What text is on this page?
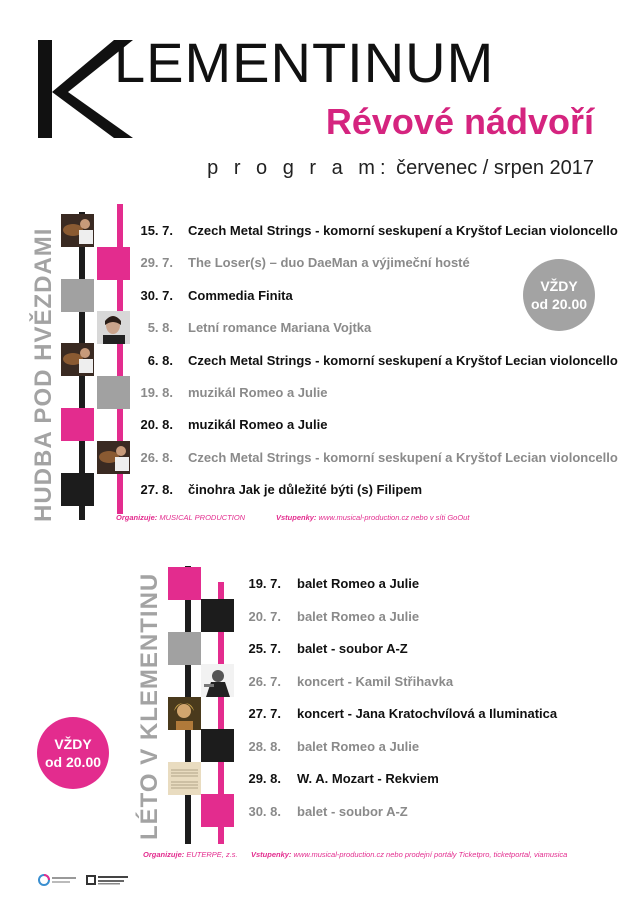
LEMENTINUM
Révové nádvoří
p r o g r a m: červenec / srpen 2017
HUDBA POD HVĚZDAMI	15. 7. Czech Metal Strings - komorní seskupení a Kryštof Lecian violoncello
29. 7. The Loser(s) – duo DaeMan a výjimeční hosté
30. 7. Commedia Finita
5. 8. Letní romance Mariana Vojtka
6. 8. Czech Metal Strings - komorní seskupení a Kryštof Lecian violoncello
19. 8. muzikál Romeo a Julie
20. 8. muzikál Romeo a Julie
26. 8. Czech Metal Strings - komorní seskupení a Kryštof Lecian violoncello
27. 8. činohra Jak je důležité býti (s) Filipem
VŽDY
od 20.00
Organizuje: MUSICAL PRODUCTION	Vstupenky: www.musical-production.cz nebo v síti GoOut
LÉTO V KLEMENTINU	19. 7. balet Romeo a Julie
20. 7. balet Romeo a Julie
25. 7. balet - soubor A-Z
26. 7. koncert - Kamil Střihavka
27. 7. koncert - Jana Kratochvílová a Iluminatica
28. 8. balet Romeo a Julie
29. 8. W. A. Mozart - Rekviem
30. 8. balet - soubor A-Z
VŽDY
od 20.00
Organizuje: EUTERPE, z.s. Vstupenky: www.musical-production.cz nebo prodejní portály Ticketpro, ticketportal, viamusica
